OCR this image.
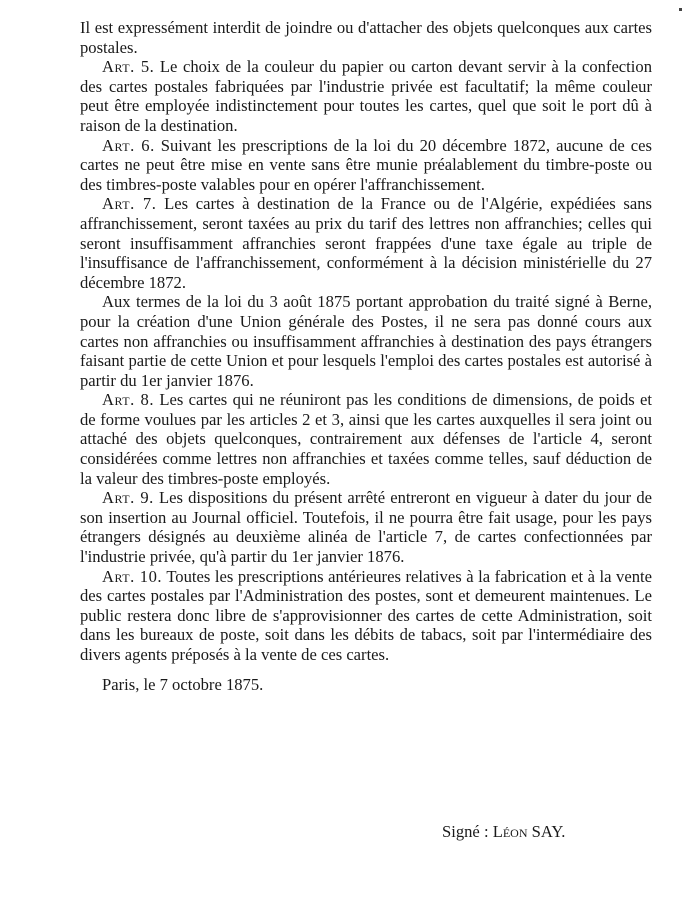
Il est expressément interdit de joindre ou d'attacher des objets quelconques aux cartes postales.

Art. 5. Le choix de la couleur du papier ou carton devant servir à la confection des cartes postales fabriquées par l'industrie privée est facultatif; la même couleur peut être employée indistinctement pour toutes les cartes, quel que soit le port dû à raison de la destination.

Art. 6. Suivant les prescriptions de la loi du 20 décembre 1872, aucune de ces cartes ne peut être mise en vente sans être munie préalablement du timbre-poste ou des timbres-poste valables pour en opérer l'affranchissement.

Art. 7. Les cartes à destination de la France ou de l'Algérie, expédiées sans affranchissement, seront taxées au prix du tarif des lettres non affranchies; celles qui seront insuffisamment affranchies seront frappées d'une taxe égale au triple de l'insuffisance de l'affranchissement, conformément à la décision ministérielle du 27 décembre 1872.

Aux termes de la loi du 3 août 1875 portant approbation du traité signé à Berne, pour la création d'une Union générale des Postes, il ne sera pas donné cours aux cartes non affranchies ou insuffisamment affranchies à destination des pays étrangers faisant partie de cette Union et pour lesquels l'emploi des cartes postales est autorisé à partir du 1er janvier 1876.

Art. 8. Les cartes qui ne réuniront pas les conditions de dimensions, de poids et de forme voulues par les articles 2 et 3, ainsi que les cartes auxquelles il sera joint ou attaché des objets quelconques, contrairement aux défenses de l'article 4, seront considérées comme lettres non affranchies et taxées comme telles, sauf déduction de la valeur des timbres-poste employés.

Art. 9. Les dispositions du présent arrêté entreront en vigueur à dater du jour de son insertion au Journal officiel. Toutefois, il ne pourra être fait usage, pour les pays étrangers désignés au deuxième alinéa de l'article 7, de cartes confectionnées par l'industrie privée, qu'à partir du 1er janvier 1876.

Art. 10. Toutes les prescriptions antérieures relatives à la fabrication et à la vente des cartes postales par l'Administration des postes, sont et demeurent maintenues. Le public restera donc libre de s'approvisionner des cartes de cette Administration, soit dans les bureaux de poste, soit dans les débits de tabacs, soit par l'intermédiaire des divers agents préposés à la vente de ces cartes.

Paris, le 7 octobre 1875.

Signé : Léon SAY.
